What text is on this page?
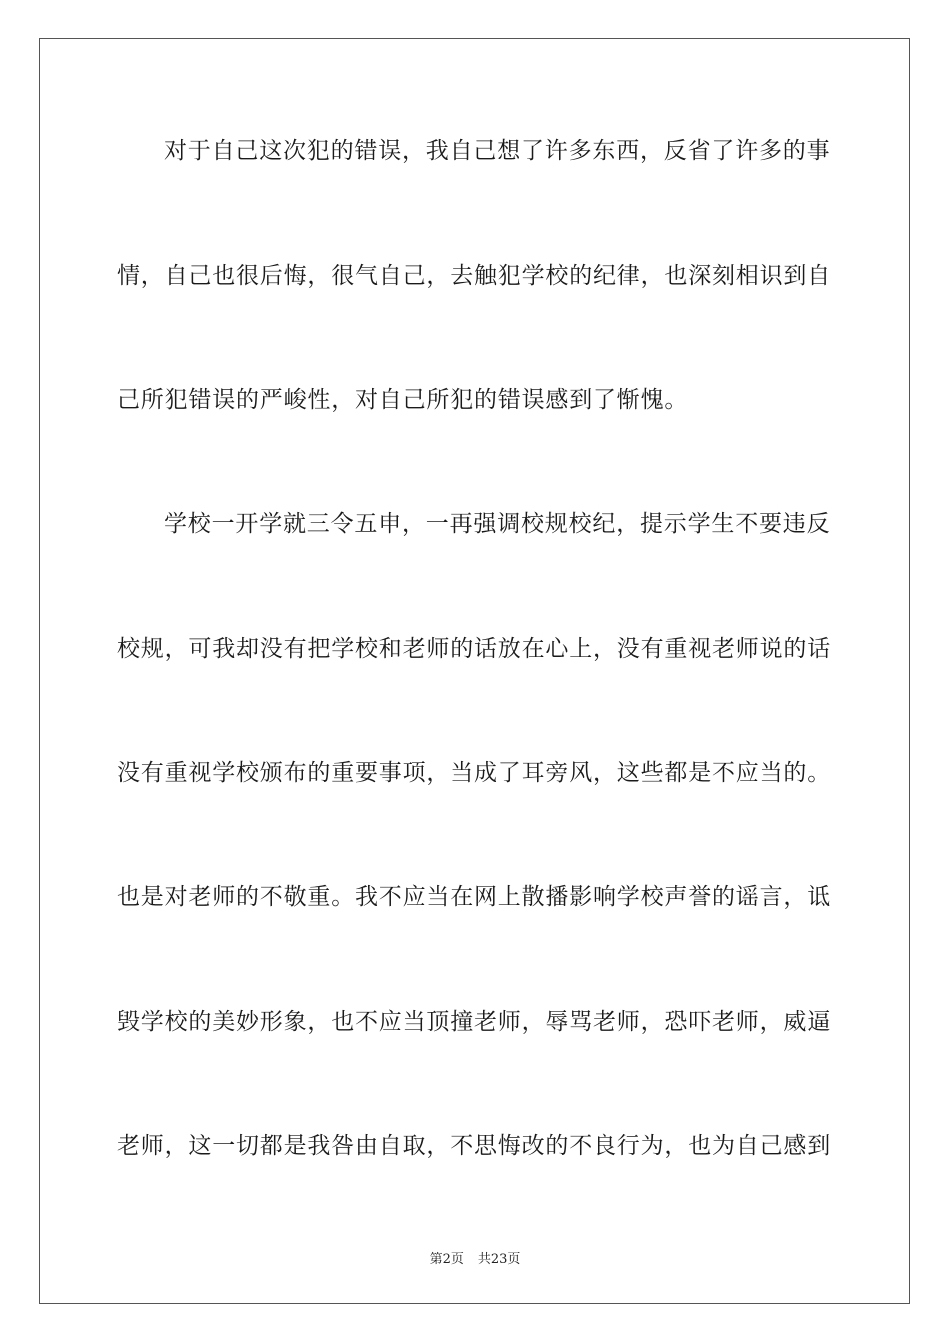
对于自己这次犯的错误，我自己想了许多东西，反省了许多的事
情，自己也很后悔，很气自己，去触犯学校的纪律，也深刻相识到自
己所犯错误的严峻性，对自己所犯的错误感到了惭愧。
学校一开学就三令五申，一再强调校规校纪，提示学生不要违反
校规，可我却没有把学校和老师的话放在心上，没有重视老师说的话
没有重视学校颁布的重要事项，当成了耳旁风，这些都是不应当的。
也是对老师的不敬重。我不应当在网上散播影响学校声誉的谣言，诋
毁学校的美妙形象，也不应当顶撞老师，辱骂老师，恐吓老师，威逼
老师，这一切都是我咎由自取，不思悔改的不良行为，也为自己感到
第2页 共23页
